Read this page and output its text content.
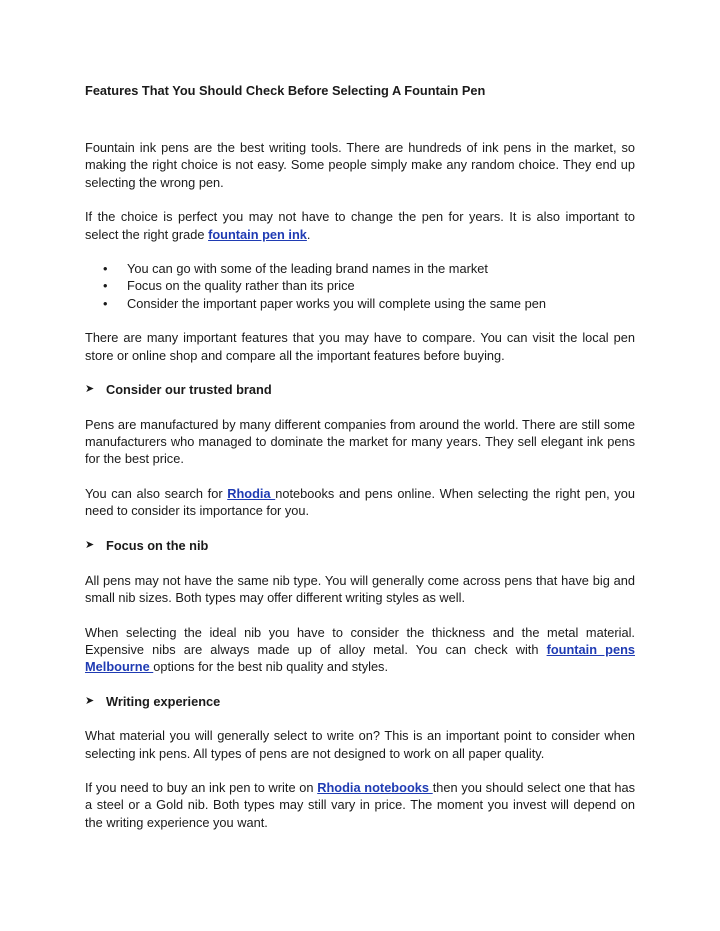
Features That You Should Check Before Selecting A Fountain Pen

Fountain ink pens are the best writing tools. There are hundreds of ink pens in the market, so making the right choice is not easy. Some people simply make any random choice. They end up selecting the wrong pen.

If the choice is perfect you may not have to change the pen for years. It is also important to select the right grade fountain pen ink.

• You can go with some of the leading brand names in the market
• Focus on the quality rather than its price
• Consider the important paper works you will complete using the same pen

There are many important features that you may have to compare. You can visit the local pen store or online shop and compare all the important features before buying.

➤ Consider our trusted brand

Pens are manufactured by many different companies from around the world. There are still some manufacturers who managed to dominate the market for many years. They sell elegant ink pens for the best price.

You can also search for Rhodia notebooks and pens online. When selecting the right pen, you need to consider its importance for you.

➤ Focus on the nib

All pens may not have the same nib type. You will generally come across pens that have big and small nib sizes. Both types may offer different writing styles as well.

When selecting the ideal nib you have to consider the thickness and the metal material. Expensive nibs are always made up of alloy metal. You can check with fountain pens Melbourne options for the best nib quality and styles.

➤ Writing experience

What material you will generally select to write on? This is an important point to consider when selecting ink pens. All types of pens are not designed to work on all paper quality.

If you need to buy an ink pen to write on Rhodia notebooks then you should select one that has a steel or a Gold nib. Both types may still vary in price. The moment you invest will depend on the writing experience you want.
